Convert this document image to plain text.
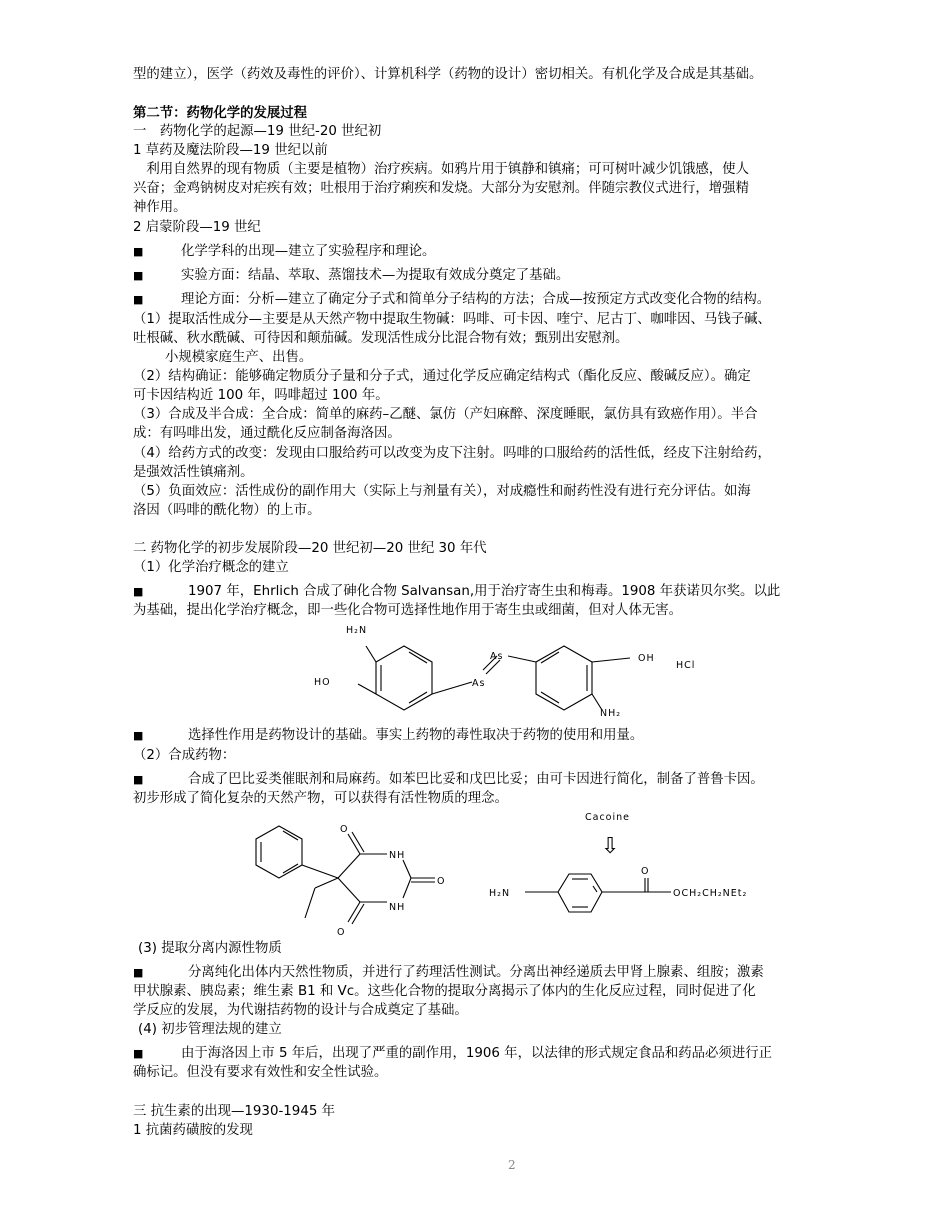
型的建立），医学（药效及毒性的评价）、计算机科学（药物的设计）密切相关。有机化学及合成是其基础。
第二节：药物化学的发展过程
一　药物化学的起源—19 世纪-20 世纪初
1 草药及魔法阶段—19 世纪以前
　利用自然界的现有物质（主要是植物）治疗疾病。如鸦片用于镇静和镇痛；可可树叶减少饥饿感，使人
兴奋；金鸡钠树皮对疟疾有效；吐根用于治疗痢疾和发烧。大部分为安慰剂。伴随宗教仪式进行，增强精
神作用。
2 启蒙阶段—19 世纪
■	化学学科的出现—建立了实验程序和理论。
■	实验方面：结晶、萃取、蒸馏技术—为提取有效成分奠定了基础。
■	理论方面：分析—建立了确定分子式和简单分子结构的方法；合成—按预定方式改变化合物的结构。
（1）提取活性成分—主要是从天然产物中提取生物碱：吗啡、可卡因、喹宁、尼古丁、咖啡因、马钱子碱、
吐根碱、秋水酰碱、可待因和颠茄碱。发现活性成分比混合物有效；甄别出安慰剂。
小规模家庭生产、出售。
（2）结构确证：能够确定物质分子量和分子式，通过化学反应确定结构式（酯化反应、酸碱反应）。确定
可卡因结构近 100 年，吗啡超过 100 年。
（3）合成及半合成：全合成：简单的麻药–乙醚、氯仿（产妇麻醉、深度睡眠，氯仿具有致癌作用）。半合
成：有吗啡出发，通过酰化反应制备海洛因。
（4）给药方式的改变：发现由口服给药可以改变为皮下注射。吗啡的口服给药的活性低，经皮下注射给药，
是强效活性镇痛剂。
（5）负面效应：活性成份的副作用大（实际上与剂量有关），对成瘾性和耐药性没有进行充分评估。如海
洛因（吗啡的酰化物）的上市。
二 药物化学的初步发展阶段—20 世纪初—20 世纪 30 年代
（1）化学治疗概念的建立
■	1907 年，Ehrlich 合成了砷化合物 Salvansan,用于治疗寄生虫和梅毒。1908 年获诺贝尔奖。以此
为基础，提出化学治疗概念，即一些化合物可选择性地作用于寄生虫或细菌，但对人体无害。
H₂N
HO
As
As
OH
HCl
NH₂
■	选择性作用是药物设计的基础。事实上药物的毒性取决于药物的使用和用量。
（2）合成药物：
■	合成了巴比妥类催眠剂和局麻药。如苯巴比妥和戊巴比妥；由可卡因进行简化，制备了普鲁卡因。
初步形成了简化复杂的天然产物，可以获得有活性物质的理念。
O
NH
O
NH
O
Cacoine
⇩
H₂N
O
OCH₂CH₂NEt₂
(3) 提取分离内源性物质
■	分离纯化出体内天然性物质，并进行了药理活性测试。分离出神经递质去甲肾上腺素、组胺；激素
甲状腺素、胰岛素；维生素 B1 和 Vc。这些化合物的提取分离揭示了体内的生化反应过程，同时促进了化
学反应的发展，为代谢拮药物的设计与合成奠定了基础。
(4) 初步管理法规的建立
■	由于海洛因上市 5 年后，出现了严重的副作用，1906 年，以法律的形式规定食品和药品必须进行正
确标记。但没有要求有效性和安全性试验。
三 抗生素的出现—1930-1945 年
1 抗菌药磺胺的发现
2
